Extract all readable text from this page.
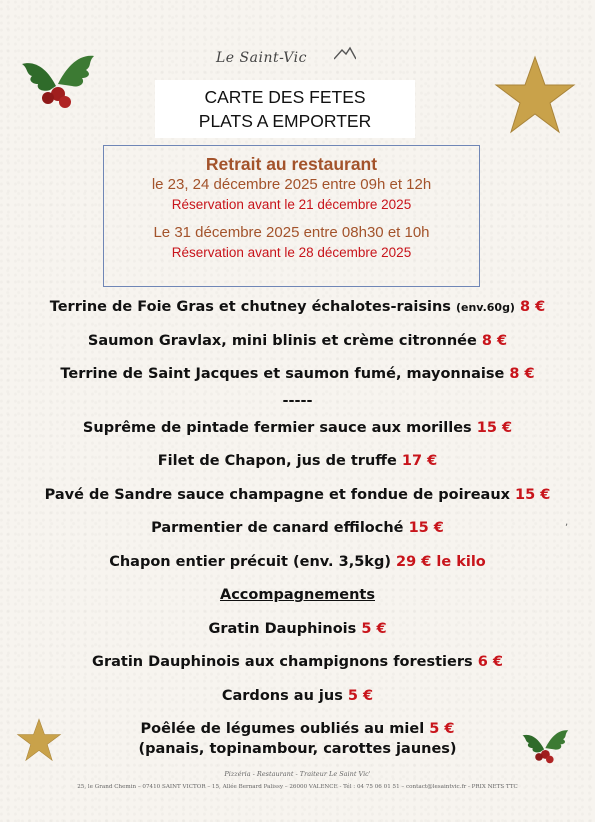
Le Saint-Vic
CARTE DES FETES
PLATS A EMPORTER
Retrait au restaurant
le 23, 24 décembre 2025 entre 09h et 12h
Réservation avant le 21 décembre 2025
Le 31 décembre 2025 entre 08h30 et 10h
Réservation avant le 28 décembre 2025
Terrine de Foie Gras et chutney échalotes-raisins (env.60g) 8 €
Saumon Gravlax, mini blinis et crème citronnée 8 €
Terrine de Saint Jacques et saumon fumé, mayonnaise 8 €
-----
Suprême de pintade fermier sauce aux morilles 15 €
Filet de Chapon, jus de truffe 17 €
Pavé de Sandre sauce champagne et fondue de poireaux 15 €
Parmentier de canard effiloché 15 €
Chapon entier précuit (env. 3,5kg) 29 € le kilo
Accompagnements
Gratin Dauphinois 5 €
Gratin Dauphinois aux champignons forestiers 6 €
Cardons au jus 5 €
Poêlée de légumes oubliés au miel 5 €
(panais, topinambour, carottes jaunes)
,
Pizzéria - Restaurant - Traiteur Le Saint Vic'
25, le Grand Chemin – 07410 SAINT VICTOR – 15, Allée Bernard Palissy – 26000 VALENCE - Tél : 04 75 06 01 51 – contact@lesaintvic.fr - PRIX NETS TTC
